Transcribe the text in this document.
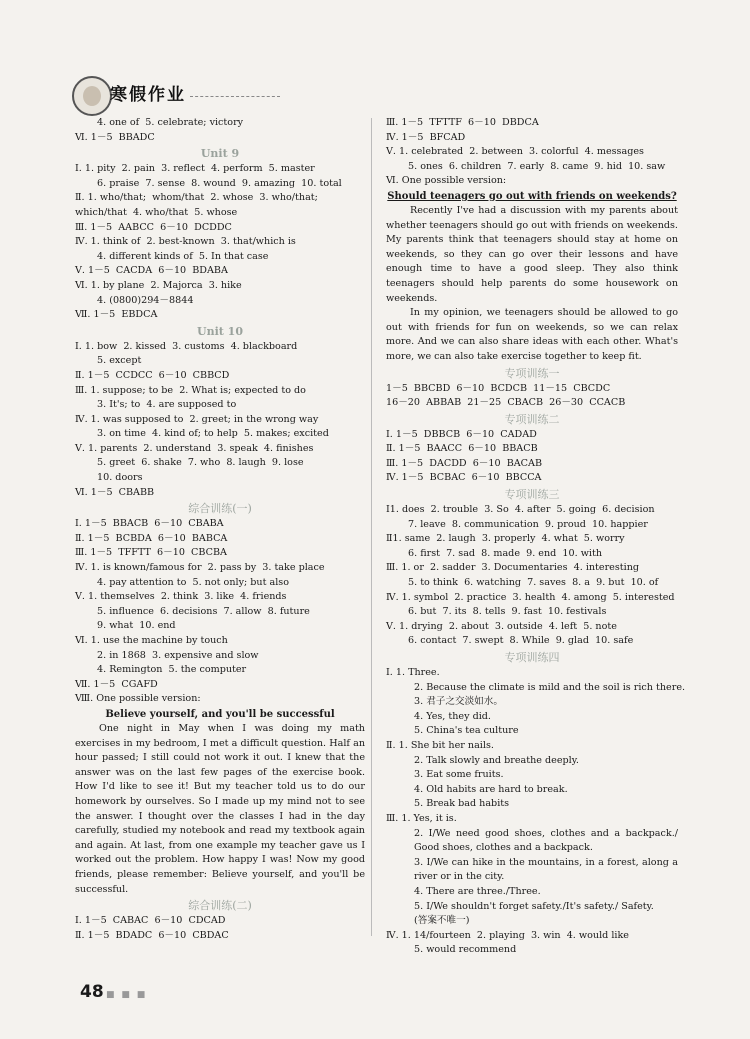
寒假作业
4. one of  5. celebrate; victory
Ⅵ. 1－5  BBADC
Unit 9
Ⅰ. 1. pity  2. pain  3. reflect  4. perform  5. master
6. praise  7. sense  8. wound  9. amazing  10. total
Ⅱ. 1. who/that;  whom/that  2. whose  3. who/that;
which/that  4. who/that  5. whose
Ⅲ. 1－5  AABCC  6－10  DCDDC
Ⅳ. 1. think of  2. best-known  3. that/which is
4. different kinds of  5. In that case
Ⅴ. 1－5  CACDA  6－10  BDABA
Ⅵ. 1. by plane  2. Majorca  3. hike
4. (0800)294－8844
Ⅶ. 1－5  EBDCA
Unit 10
Ⅰ. 1. bow  2. kissed  3. customs  4. blackboard
5. except
Ⅱ. 1－5  CCDCC  6－10  CBBCD
Ⅲ. 1. suppose; to be  2. What is; expected to do
3. It's; to  4. are supposed to
Ⅳ. 1. was supposed to  2. greet; in the wrong way
3. on time  4. kind of; to help  5. makes; excited
Ⅴ. 1. parents  2. understand  3. speak  4. finishes
5. greet  6. shake  7. who  8. laugh  9. lose
10. doors
Ⅵ. 1－5  CBABB
综合训练(一)
Ⅰ. 1－5  BBACB  6－10  CBABA
Ⅱ. 1－5  BCBDA  6－10  BABCA
Ⅲ. 1－5  TFFTT  6－10  CBCBA
Ⅳ. 1. is known/famous for  2. pass by  3. take place
4. pay attention to  5. not only; but also
Ⅴ. 1. themselves  2. think  3. like  4. friends
5. influence  6. decisions  7. allow  8. future
9. what  10. end
Ⅵ. 1. use the machine by touch
2. in 1868  3. expensive and slow
4. Remington  5. the computer
Ⅶ. 1－5  CGAFD
Ⅷ. One possible version:
Believe yourself, and you'll be successful
One night in May when I was doing my math exercises in my bedroom, I met a difficult question. Half an hour passed; I still could not work it out. I knew that the answer was on the last few pages of the exercise book. How I'd like to see it! But my teacher told us to do our homework by ourselves. So I made up my mind not to see the answer. I thought over the classes I had in the day carefully, studied my notebook and read my textbook again and again. At last, from one example my teacher gave us I worked out the problem. How happy I was! Now my good friends, please remember: Believe yourself, and you'll be successful.
综合训练(二)
Ⅰ. 1－5  CABAC  6－10  CDCAD
Ⅱ. 1－5  BDADC  6－10  CBDAC
Ⅲ. 1－5  TFTTF  6－10  DBDCA
Ⅳ. 1－5  BFCAD
Ⅴ. 1. celebrated  2. between  3. colorful  4. messages
5. ones  6. children  7. early  8. came  9. hid  10. saw
Ⅵ. One possible version:
Should teenagers go out with friends on weekends?
Recently I've had a discussion with my parents about whether teenagers should go out with friends on weekends. My parents think that teenagers should stay at home on weekends, so they can go over their lessons and have enough time to have a good sleep. They also think teenagers should help parents do some housework on weekends.
In my opinion, we teenagers should be allowed to go out with friends for fun on weekends, so we can relax more. And we can also share ideas with each other. What's more, we can also take exercise together to keep fit.
专项训练一
1－5  BBCBD  6－10  BCDCB  11－15  CBCDC
16－20  ABBAB  21－25  CBACB  26－30  CCACB
专项训练二
Ⅰ. 1－5  DBBCB  6－10  CADAD
Ⅱ. 1－5  BAACC  6－10  BBACB
Ⅲ. 1－5  DACDD  6－10  BACAB
Ⅳ. 1－5  BCBAC  6－10  BBCCA
专项训练三
Ⅰ1. does  2. trouble  3. So  4. after  5. going  6. decision
7. leave  8. communication  9. proud  10. happier
Ⅱ1. same  2. laugh  3. properly  4. what  5. worry
6. first  7. sad  8. made  9. end  10. with
Ⅲ. 1. or  2. sadder  3. Documentaries  4. interesting
5. to think  6. watching  7. saves  8. a  9. but  10. of
Ⅳ. 1. symbol  2. practice  3. health  4. among  5. interested
6. but  7. its  8. tells  9. fast  10. festivals
Ⅴ. 1. drying  2. about  3. outside  4. left  5. note
6. contact  7. swept  8. While  9. glad  10. safe
专项训练四
Ⅰ. 1. Three.
2. Because the climate is mild and the soil is rich there.
3. 君子之交淡如水。
4. Yes, they did.
5. China's tea culture
Ⅱ. 1. She bit her nails.
2. Talk slowly and breathe deeply.
3. Eat some fruits.
4. Old habits are hard to break.
5. Break bad habits
Ⅲ. 1. Yes, it is.
2. I/We need good shoes, clothes and a backpack./ Good shoes, clothes and a backpack.
3. I/We can hike in the mountains, in a forest, along a river or in the city.
4. There are three./Three.
5. I/We shouldn't forget safety./It's safety./ Safety.
(答案不唯一)
Ⅳ. 1. 14/fourteen  2. playing  3. win  4. would like
5. would recommend
48 ■ ■ ■
